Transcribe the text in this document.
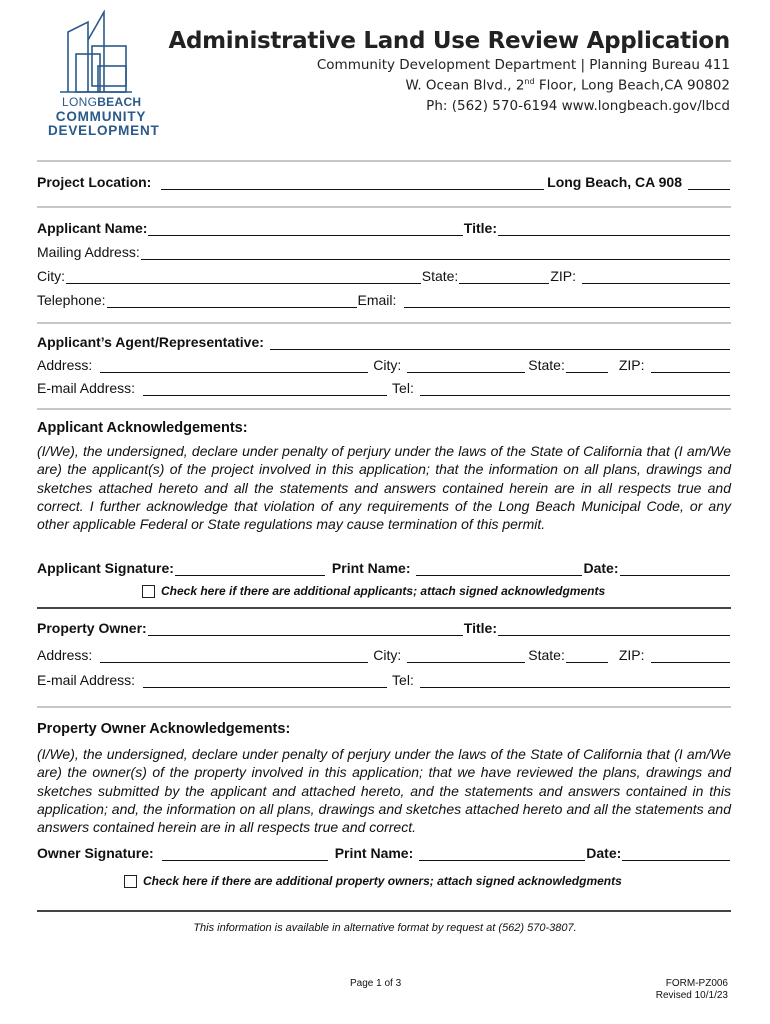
LONGBEACH
COMMUNITY
DEVELOPMENT
Administrative Land Use Review Application
Community Development Department | Planning Bureau 411
W. Ocean Blvd., 2nd Floor, Long Beach,CA 90802
Ph: (562) 570-6194 www.longbeach.gov/lbcd
Project Location:	Long Beach, CA 908
Applicant Name:	Title:
Mailing Address:
City:	State:	ZIP:
Telephone:	Email:
Applicant’s Agent/Representative:
Address:	City:	State:	ZIP:
E-mail Address:	Tel:
Applicant Acknowledgements:
(I/We), the undersigned, declare under penalty of perjury under the laws of the State of California that (I am/We are) the applicant(s) of the project involved in this application; that the information on all plans, drawings and sketches attached hereto and all the statements and answers contained herein are in all respects true and correct. I further acknowledge that violation of any requirements of the Long Beach Municipal Code, or any other applicable Federal or State regulations may cause termination of this permit.
Applicant Signature:	Print Name:	Date:
Check here if there are additional applicants; attach signed acknowledgments
Property Owner:	Title:
Address:	City:	State:	ZIP:
E-mail Address:	Tel:
Property Owner Acknowledgements:
(I/We), the undersigned, declare under penalty of perjury under the laws of the State of California that (I am/We are) the owner(s) of the property involved in this application; that we have reviewed the plans, drawings and sketches submitted by the applicant and attached hereto, and the statements and answers contained in this application; and, the information on all plans, drawings and sketches attached hereto and all the statements and answers contained herein are in all respects true and correct.
Owner Signature:	Print Name:	Date:
Check here if there are additional property owners; attach signed acknowledgments
This information is available in alternative format by request at (562) 570-3807.
Page 1 of 3	FORM-PZ006
Revised 10/1/23
